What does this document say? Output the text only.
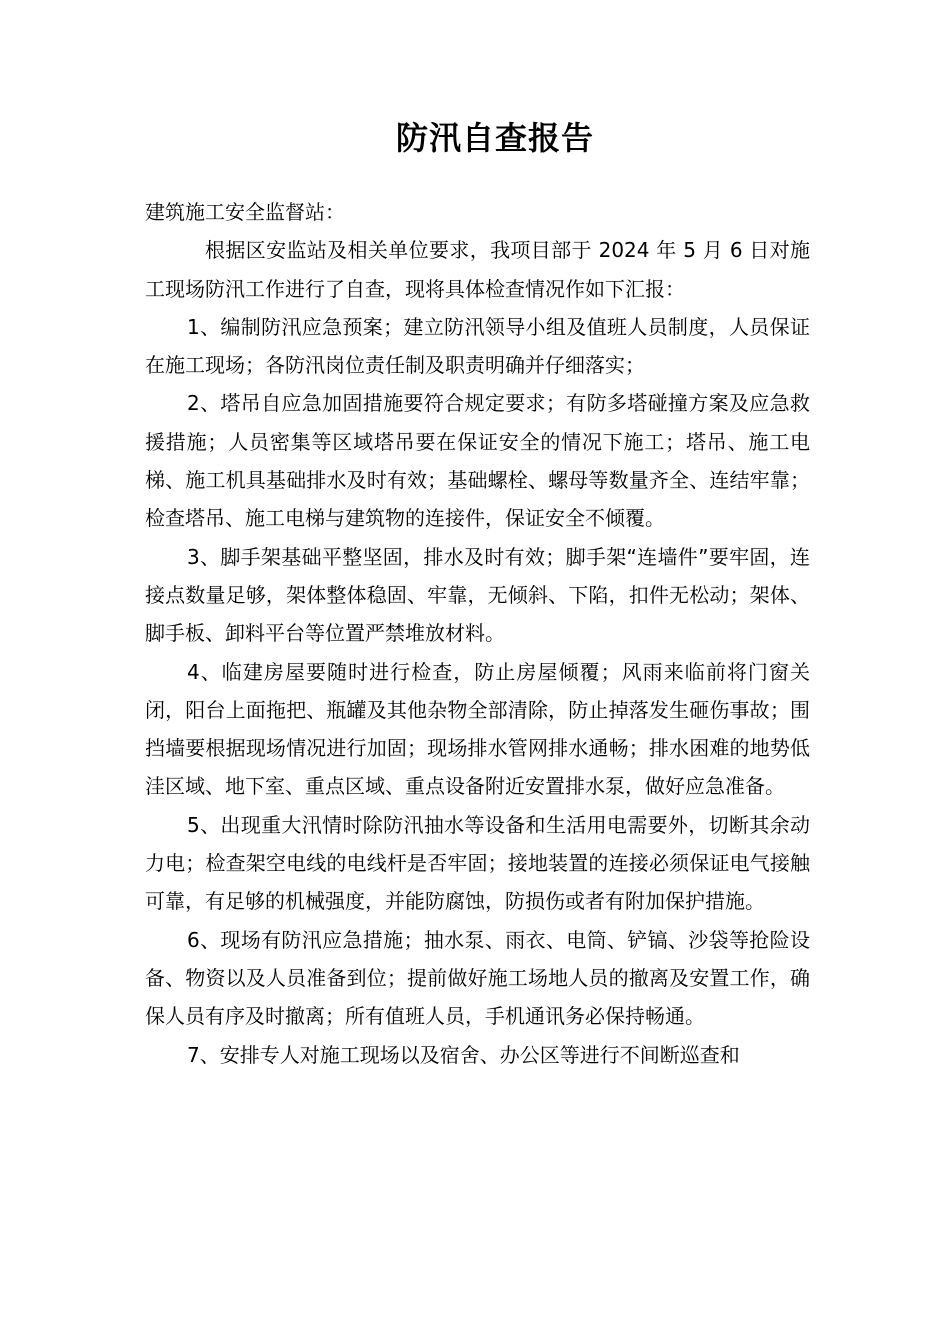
防汛自查报告

建筑施工安全监督站：

根据区安监站及相关单位要求，我项目部于 2024 年 5 月 6 日对施工现场防汛工作进行了自查，现将具体检查情况作如下汇报：

1、编制防汛应急预案；建立防汛领导小组及值班人员制度，人员保证在施工现场；各防汛岗位责任制及职责明确并仔细落实；

2、塔吊自应急加固措施要符合规定要求；有防多塔碰撞方案及应急救援措施；人员密集等区域塔吊要在保证安全的情况下施工；塔吊、施工电梯、施工机具基础排水及时有效；基础螺栓、螺母等数量齐全、连结牢靠；检查塔吊、施工电梯与建筑物的连接件，保证安全不倾覆。

3、脚手架基础平整坚固，排水及时有效；脚手架“连墙件”要牢固，连接点数量足够，架体整体稳固、牢靠，无倾斜、下陷，扣件无松动；架体、脚手板、卸料平台等位置严禁堆放材料。

4、临建房屋要随时进行检查，防止房屋倾覆；风雨来临前将门窗关闭，阳台上面拖把、瓶罐及其他杂物全部清除，防止掉落发生砸伤事故；围挡墙要根据现场情况进行加固；现场排水管网排水通畅；排水困难的地势低洼区域、地下室、重点区域、重点设备附近安置排水泵，做好应急准备。

5、出现重大汛情时除防汛抽水等设备和生活用电需要外，切断其余动力电；检查架空电线的电线杆是否牢固；接地装置的连接必须保证电气接触可靠，有足够的机械强度，并能防腐蚀，防损伤或者有附加保护措施。

6、现场有防汛应急措施；抽水泵、雨衣、电筒、铲镐、沙袋等抢险设备、物资以及人员准备到位；提前做好施工场地人员的撤离及安置工作，确保人员有序及时撤离；所有值班人员，手机通讯务必保持畅通。

7、安排专人对施工现场以及宿舍、办公区等进行不间断巡查和
